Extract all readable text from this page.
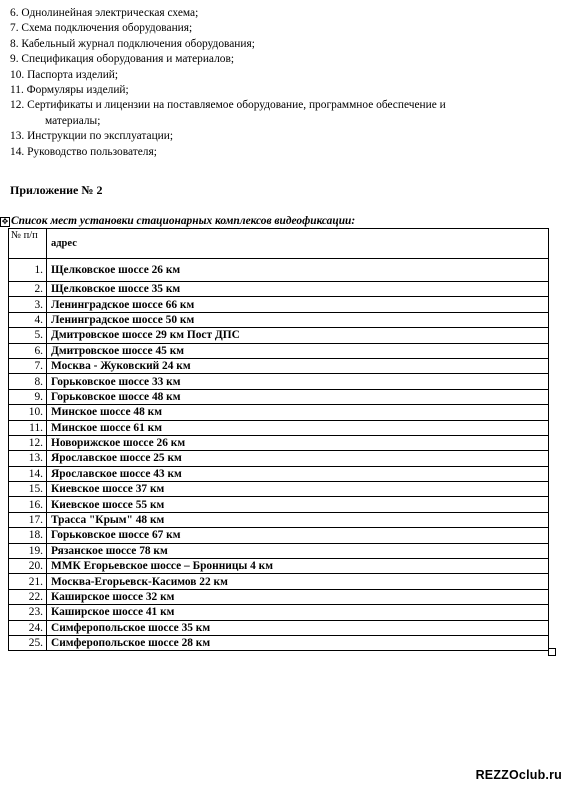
6. Однолинейная электрическая схема;
7. Схема подключения оборудования;
8. Кабельный журнал подключения оборудования;
9. Спецификация оборудования и материалов;
10. Паспорта изделий;
11. Формуляры изделий;
12. Сертификаты и лицензии на поставляемое оборудование, программное обеспечение и
материалы;
13. Инструкции по эксплуатации;
14. Руководство пользователя;
Приложение № 2
✥ Список мест установки стационарных комплексов видеофиксации:
№ п/п	адрес
1.	Щелковское шоссе 26 км
2.	Щелковское шоссе 35 км
3.	Ленинградское шоссе 66 км
4.	Ленинградское шоссе 50 км
5.	Дмитровское шоссе 29 км Пост ДПС
6.	Дмитровское шоссе 45 км
7.	Москва - Жуковский 24 км
8.	Горьковское шоссе 33 км
9.	Горьковское шоссе 48 км
10.	Минское шоссе 48 км
11.	Минское шоссе 61 км
12.	Новорижское шоссе 26 км
13.	Ярославское шоссе 25 км
14.	Ярославское шоссе 43 км
15.	Киевское шоссе 37 км
16.	Киевское шоссе 55 км
17.	Трасса "Крым" 48 км
18.	Горьковское шоссе 67 км
19.	Рязанское шоссе 78 км
20.	ММК Егорьевское шоссе – Бронницы 4 км
21.	Москва-Егорьевск-Касимов 22 км
22.	Каширское шоссе 32 км
23.	Каширское шоссе 41 км
24.	Симферопольское шоссе 35 км
25.	Симферопольское шоссе 28 км
REZZOclub.ru
